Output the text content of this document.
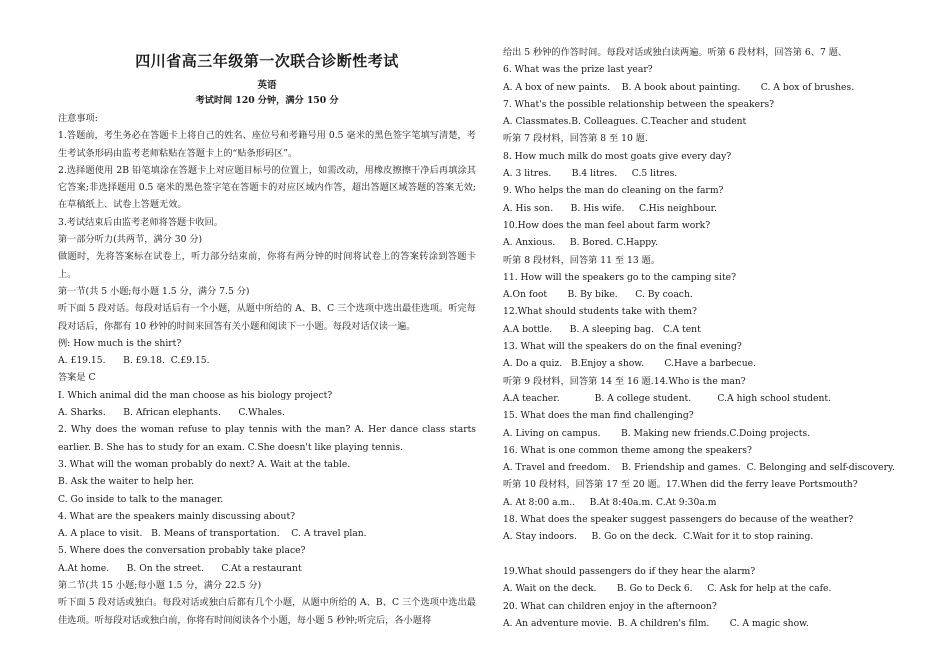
四川省高三年级第一次联合诊断性考试
英语
考试时间 120 分钟，满分 150 分
注意事项:
1.答题前，考生务必在答题卡上将自己的姓名、座位号和考籍号用 0.5 毫米的黑色签字笔填写清楚，考生考试条形码由监考老师粘贴在答题卡上的“贴条形码区”。
2.选择题使用 2B 铅笔填涂在答题卡上对应题目标号的位置上，如需改动，用橡皮擦擦干净后再填涂其它答案;非选择题用 0.5 毫米的黑色签字笔在答题卡的对应区域内作答，超出答题区域答题的答案无效;在草稿纸上、试卷上答题无效。
3.考试结束后由监考老师将答题卡收回。
第一部分听力(共两节，满分 30 分)
做题时，先将答案标在试卷上，听力部分结束前，你将有两分钟的时间将试卷上的答案转涂到答题卡上。
第一节(共 5 小题;每小题 1.5 分，满分 7.5 分)
听下面 5 段对话。每段对话后有一个小题，从题中所给的 A、B、C 三个选项中选出最佳选项。听完每段对话后，你都有 10 秒钟的时间来回答有关小题和阅读下一小题。每段对话仅读一遍。
例: How much is the shirt?
A. £19.15.      B. £9.18.  C.£9.15.
答案是 C
I. Which animal did the man choose as his biology project?
A. Sharks.      B. African elephants.      C.Whales.
2. Why does the woman refuse to play tennis with the man? A. Her dance class starts earlier. B. She has to study for an exam. C.She doesn't like playing tennis.
3. What will the woman probably do next? A. Wait at the table.
B. Ask the waiter to help her.
C. Go inside to talk to the manager.
4. What are the speakers mainly discussing about?
A. A place to visit.   B. Means of transportation.    C. A travel plan.
5. Where does the conversation probably take place?
A.At home.      B. On the street.      C.At a restaurant
第二节(共 15 小题;每小题 1.5 分，满分 22.5 分)
听下面 5 段对话或独白。每段对话或独白后都有几个小题，从题中所给的 A、B、C 三个选项中选出最佳选项。听每段对话或独白前，你将有时间阅读各个小题，每小题 5 秒钟;听完后，各小题将
给出 5 秒钟的作答时间。每段对话或独白读两遍。听第 6 段材料，回答第 6、7 题、
6. What was the prize last year?
A. A box of new paints.    B. A book about painting.       C. A box of brushes.
7. What's the possible relationship between the speakers?
A. Classmates.B. Colleagues. C.Teacher and student
听第 7 段材料，回答第 8 至 10 题.
8. How much milk do most goats give every day?
A. 3 litres.       B.4 litres.     C.5 litres.
9. Who helps the man do cleaning on the farm?
A. His son.      B. His wife.     C.His neighbour.
10.How does the man feel about farm work?
A. Anxious.     B. Bored. C.Happy.
听第 8 段材料，回答第 11 至 13 题。
11. How will the speakers go to the camping site?
A.On foot       B. By bike.      C. By coach.
12.What should students take with them?
A.A bottle.      B. A sleeping bag.   C.A tent
13. What will the speakers do on the final evening?
A. Do a quiz.   B.Enjoy a show.       C.Have a barbecue.
听第 9 段材料，回答第 14 至 16 题.14.Who is the man?
A.A teacher.            B. A college student.         C.A high school student.
15. What does the man find challenging?
A. Living on campus.       B. Making new friends.C.Doing projects.
16. What is one common theme among the speakers?
A. Travel and freedom.    B. Friendship and games.  C. Belonging and self-discovery.
听第 10 段材料，回答第 17 至 20 题。17.When did the ferry leave Portsmouth?
A. At 8:00 a.m..     B.At 8:40a.m. C.At 9:30a.m
18. What does the speaker suggest passengers do because of the weather?
A. Stay indoors.     B. Go on the deck.  C.Wait for it to stop raining.
19.What should passengers do if they hear the alarm?
A. Wait on the deck.       B. Go to Deck 6.     C. Ask for help at the cafe.
20. What can children enjoy in the afternoon?
A. An adventure movie.  B. A children's film.       C. A magic show.
